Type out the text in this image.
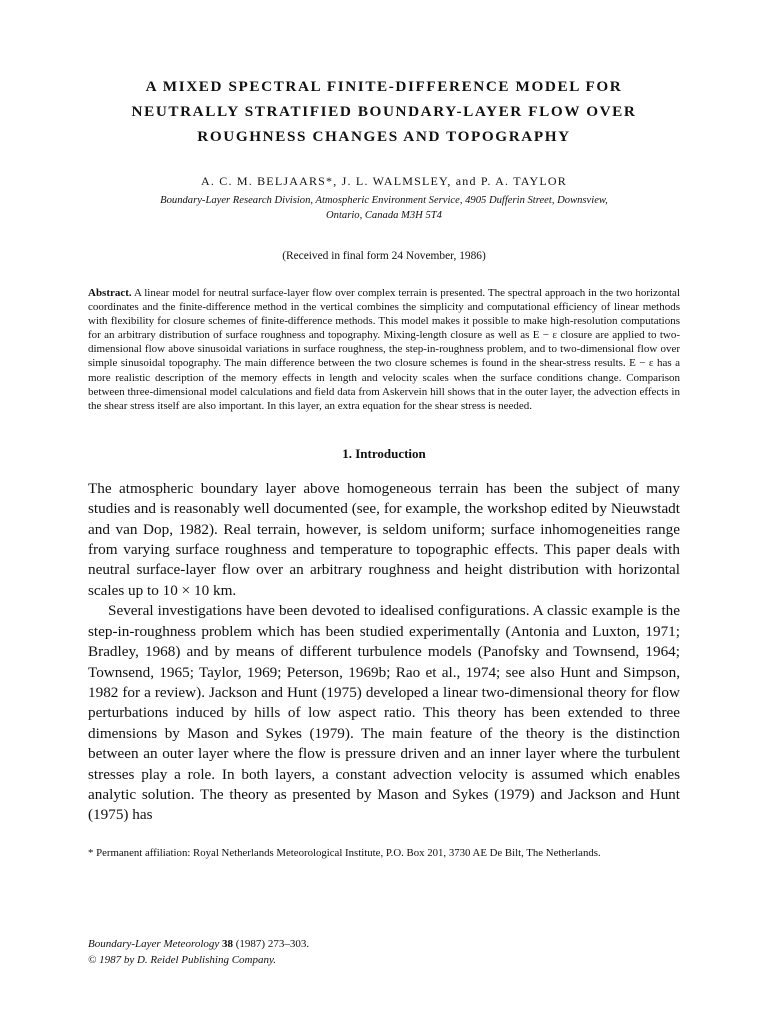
A MIXED SPECTRAL FINITE-DIFFERENCE MODEL FOR
NEUTRALLY STRATIFIED BOUNDARY-LAYER FLOW OVER
ROUGHNESS CHANGES AND TOPOGRAPHY
A. C. M. BELJAARS*, J. L. WALMSLEY, and P. A. TAYLOR
Boundary-Layer Research Division, Atmospheric Environment Service, 4905 Dufferin Street, Downsview,
Ontario, Canada M3H 5T4
(Received in final form 24 November, 1986)
Abstract. A linear model for neutral surface-layer flow over complex terrain is presented. The spectral approach in the two horizontal coordinates and the finite-difference method in the vertical combines the simplicity and computational efficiency of linear methods with flexibility for closure schemes of finite-difference methods. This model makes it possible to make high-resolution computations for an arbitrary distribution of surface roughness and topography. Mixing-length closure as well as E − ε closure are applied to two-dimensional flow above sinusoidal variations in surface roughness, the step-in-roughness problem, and to two-dimensional flow over simple sinusoidal topography. The main difference between the two closure schemes is found in the shear-stress results. E − ε has a more realistic description of the memory effects in length and velocity scales when the surface conditions change. Comparison between three-dimensional model calculations and field data from Askervein hill shows that in the outer layer, the advection effects in the shear stress itself are also important. In this layer, an extra equation for the shear stress is needed.
1. Introduction

The atmospheric boundary layer above homogeneous terrain has been the subject of many studies and is reasonably well documented (see, for example, the workshop edited by Nieuwstadt and van Dop, 1982). Real terrain, however, is seldom uniform; surface inhomogeneities range from varying surface roughness and temperature to topographic effects. This paper deals with neutral surface-layer flow over an arbitrary roughness and height distribution with horizontal scales up to 10 × 10 km.

Several investigations have been devoted to idealised configurations. A classic example is the step-in-roughness problem which has been studied experimentally (Antonia and Luxton, 1971; Bradley, 1968) and by means of different turbulence models (Panofsky and Townsend, 1964; Townsend, 1965; Taylor, 1969; Peterson, 1969b; Rao et al., 1974; see also Hunt and Simpson, 1982 for a review). Jackson and Hunt (1975) developed a linear two-dimensional theory for flow perturbations induced by hills of low aspect ratio. This theory has been extended to three dimensions by Mason and Sykes (1979). The main feature of the theory is the distinction between an outer layer where the flow is pressure driven and an inner layer where the turbulent stresses play a role. In both layers, a constant advection velocity is assumed which enables analytic solution. The theory as presented by Mason and Sykes (1979) and Jackson and Hunt (1975) has

* Permanent affiliation: Royal Netherlands Meteorological Institute, P.O. Box 201, 3730 AE De Bilt, The Netherlands.
Boundary-Layer Meteorology 38 (1987) 273–303.
© 1987 by D. Reidel Publishing Company.
